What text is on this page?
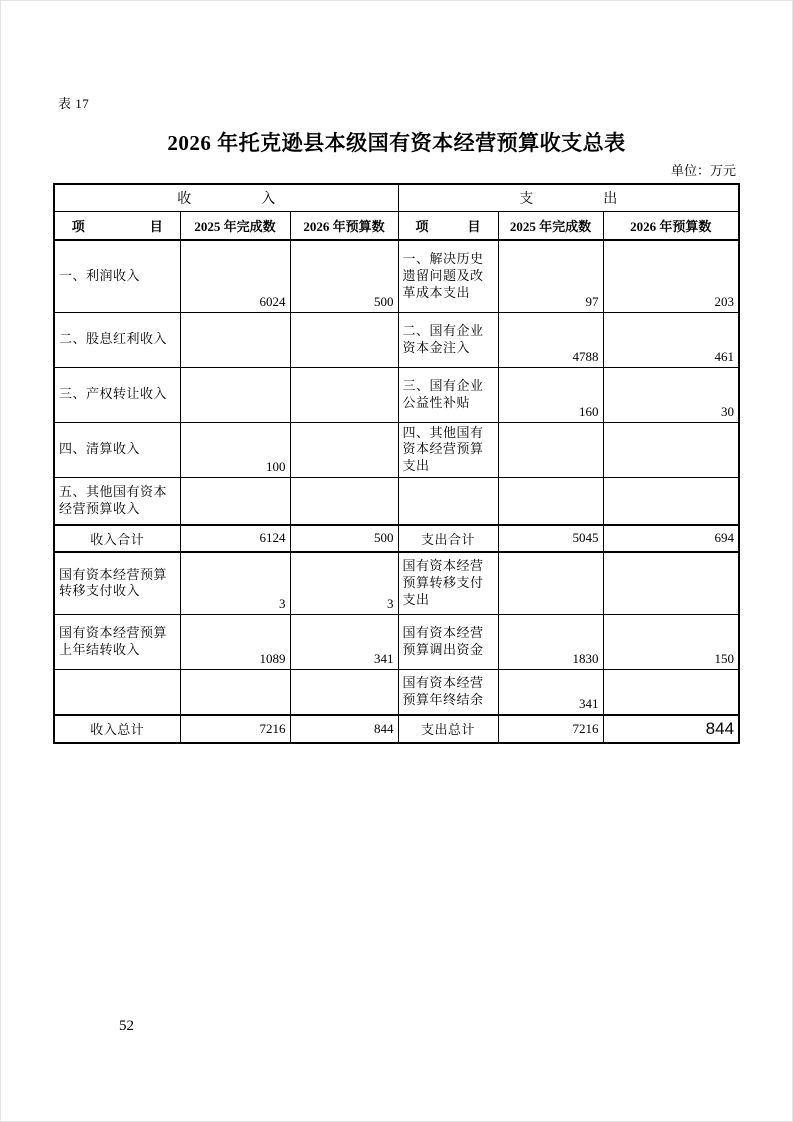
表 17
2026 年托克逊县本级国有资本经营预算收支总表
单位：万元
收　　　　　入			支　　　　　出		
项　　　　　目	2025 年完成数	2026 年预算数	项　　　目	2025 年完成数	2026 年预算数
一、利润收入	6024	500	一、解决历史遗留问题及改革成本支出	97	203
二、股息红利收入			二、国有企业资本金注入	4788	461
三、产权转让收入			三、国有企业公益性补贴	160	30
四、清算收入	100		四、其他国有资本经营预算支出		
五、其他国有资本经营预算收入					
收入合计	6124	500	支出合计	5045	694
国有资本经营预算转移支付收入	3	3	国有资本经营预算转移支付支出		
国有资本经营预算上年结转收入	1089	341	国有资本经营预算调出资金	1830	150
			国有资本经营预算年终结余	341	
收入总计	7216	844	支出总计	7216	844
52
